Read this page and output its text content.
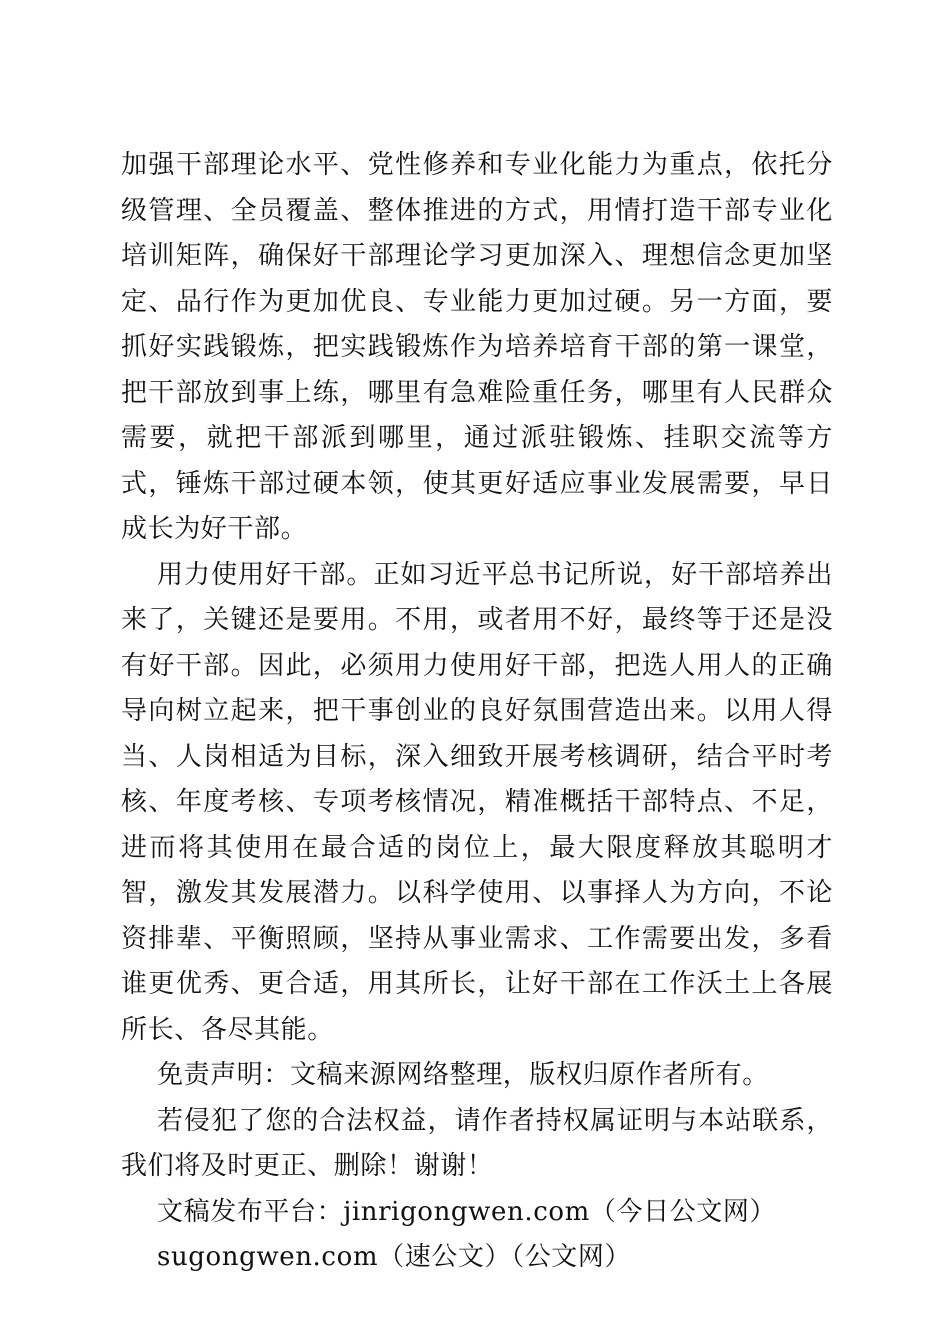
加强干部理论水平、党性修养和专业化能力为重点，依托分级管理、全员覆盖、整体推进的方式，用情打造干部专业化培训矩阵，确保好干部理论学习更加深入、理想信念更加坚定、品行作为更加优良、专业能力更加过硬。另一方面，要抓好实践锻炼，把实践锻炼作为培养培育干部的第一课堂，把干部放到事上练，哪里有急难险重任务，哪里有人民群众需要，就把干部派到哪里，通过派驻锻炼、挂职交流等方式，锤炼干部过硬本领，使其更好适应事业发展需要，早日成长为好干部。

用力使用好干部。正如习近平总书记所说，好干部培养出来了，关键还是要用。不用，或者用不好，最终等于还是没有好干部。因此，必须用力使用好干部，把选人用人的正确导向树立起来，把干事创业的良好氛围营造出来。以用人得当、人岗相适为目标，深入细致开展考核调研，结合平时考核、年度考核、专项考核情况，精准概括干部特点、不足，进而将其使用在最合适的岗位上，最大限度释放其聪明才智，激发其发展潜力。以科学使用、以事择人为方向，不论资排辈、平衡照顾，坚持从事业需求、工作需要出发，多看谁更优秀、更合适，用其所长，让好干部在工作沃土上各展所长、各尽其能。

免责声明：文稿来源网络整理，版权归原作者所有。

若侵犯了您的合法权益，请作者持权属证明与本站联系，我们将及时更正、删除！谢谢！

文稿发布平台：jinrigongwen.com（今日公文网）

sugongwen.com（速公文）（公文网）
